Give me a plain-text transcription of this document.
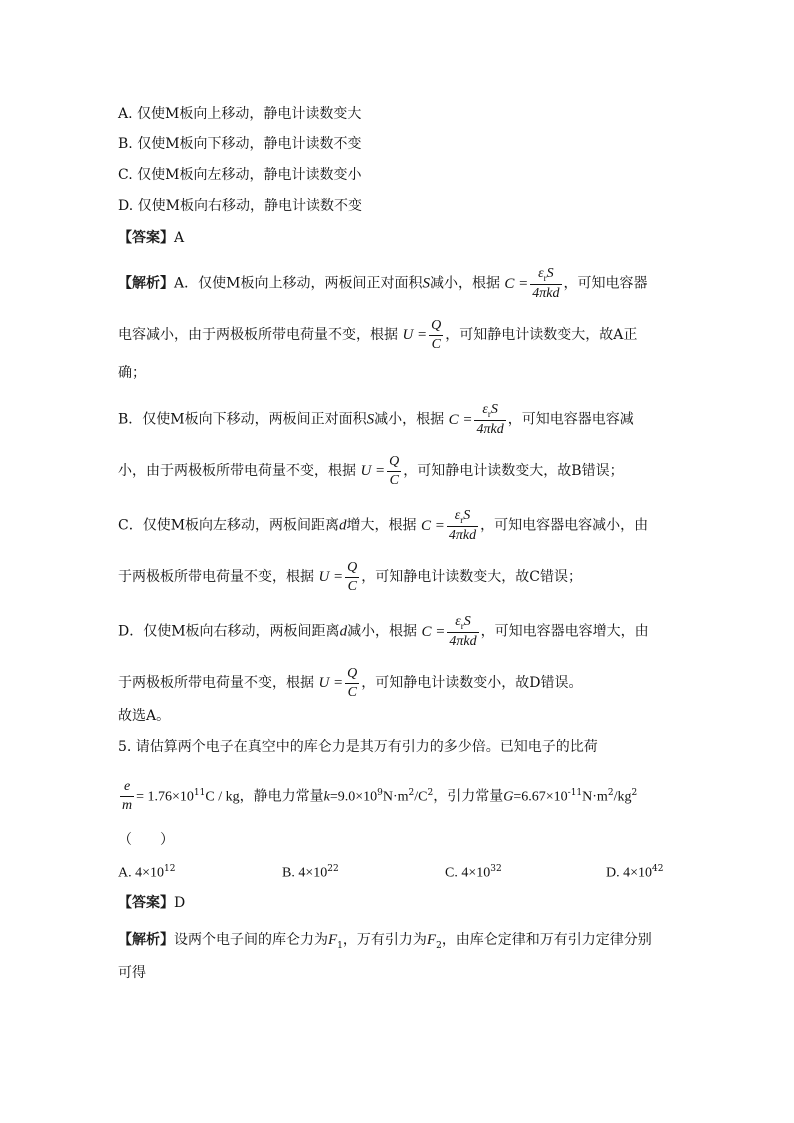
A. 仅使M板向上移动，静电计读数变大
B. 仅使M板向下移动，静电计读数不变
C. 仅使M板向左移动，静电计读数变小
D. 仅使M板向右移动，静电计读数不变
【答案】A
【解析】A．仅使M板向上移动，两板间正对面积S减小，根据 $C = \frac{\varepsilon_rS}{\text{4πkd}}$ ，可知电容器
电容减小，由于两极板所带电荷量不变，根据 $U = \frac{Q}{C}$ ，可知静电计读数变大，故A正
确；
B．仅使M板向下移动，两板间正对面积S减小，根据 $C = \frac{\varepsilon_rS}{\text{4πkd}}$ ，可知电容器电容减
小，由于两极板所带电荷量不变，根据 $U = \frac{Q}{C}$ ，可知静电计读数变大，故B错误；
C．仅使M板向左移动，两板间距离d增大，根据 $C = \frac{\varepsilon_rS}{\text{4πkd}}$ ，可知电容器电容减小，由
于两极板所带电荷量不变，根据 $U = \frac{Q}{C}$ ，可知静电计读数变大，故C错误；
D．仅使M板向右移动，两板间距离d减小，根据 $C = \frac{\varepsilon_rS}{\text{4πkd}}$ ，可知电容器电容增大，由
于两极板所带电荷量不变，根据 $U = \frac{Q}{C}$ ，可知静电计读数变小，故D错误。
故选A。
5. 请估算两个电子在真空中的库仑力是其万有引力的多少倍。已知电子的比荷
$\frac{e}{m} = 1.76\times 10^{11}C$ / kg，静电力常量$k=9.0\times 10^9N\cdot m^2/C^2$，引力常量$G=6.67\times 10^{-11}N\cdot m^2/kg^2$
（　　）
A. $4\times 10^{12}$	B. $4\times 10^{22}$	C. $4\times 10^{32}$	D. $4\times 10^{42}$
【答案】D
【解析】设两个电子间的库仑力为$F_1$，万有引力为$F_2$，由库仑定律和万有引力定律分别
可得
